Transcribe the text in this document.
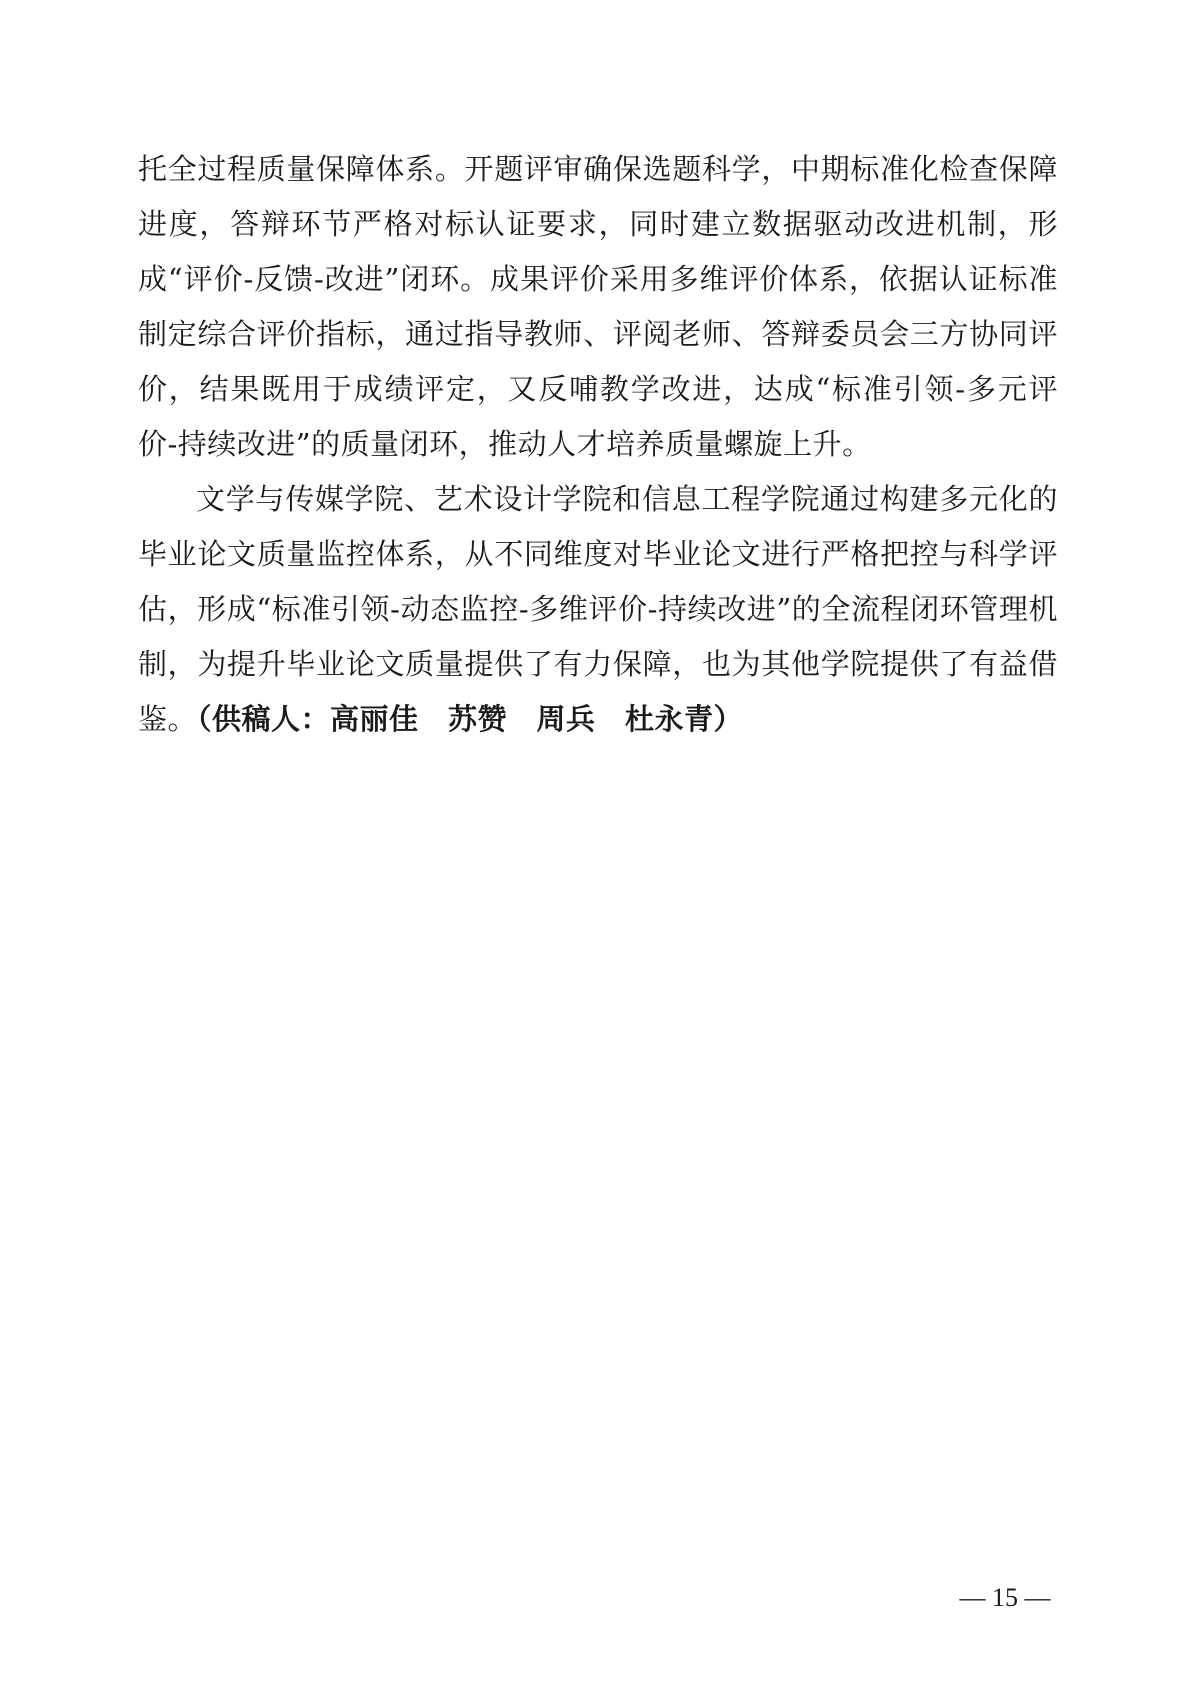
托全过程质量保障体系。开题评审确保选题科学，中期标准化检查保障进度，答辩环节严格对标认证要求，同时建立数据驱动改进机制，形成“评价-反馈-改进”闭环。成果评价采用多维评价体系，依据认证标准制定综合评价指标，通过指导教师、评阅老师、答辩委员会三方协同评价，结果既用于成绩评定，又反哺教学改进，达成“标准引领-多元评价-持续改进”的质量闭环，推动人才培养质量螺旋上升。

文学与传媒学院、艺术设计学院和信息工程学院通过构建多元化的毕业论文质量监控体系，从不同维度对毕业论文进行严格把控与科学评估，形成“标准引领-动态监控-多维评价-持续改进”的全流程闭环管理机制，为提升毕业论文质量提供了有力保障，也为其他学院提供了有益借鉴。（供稿人：高丽佳　苏赞　周兵　杜永青）

— 15 —
